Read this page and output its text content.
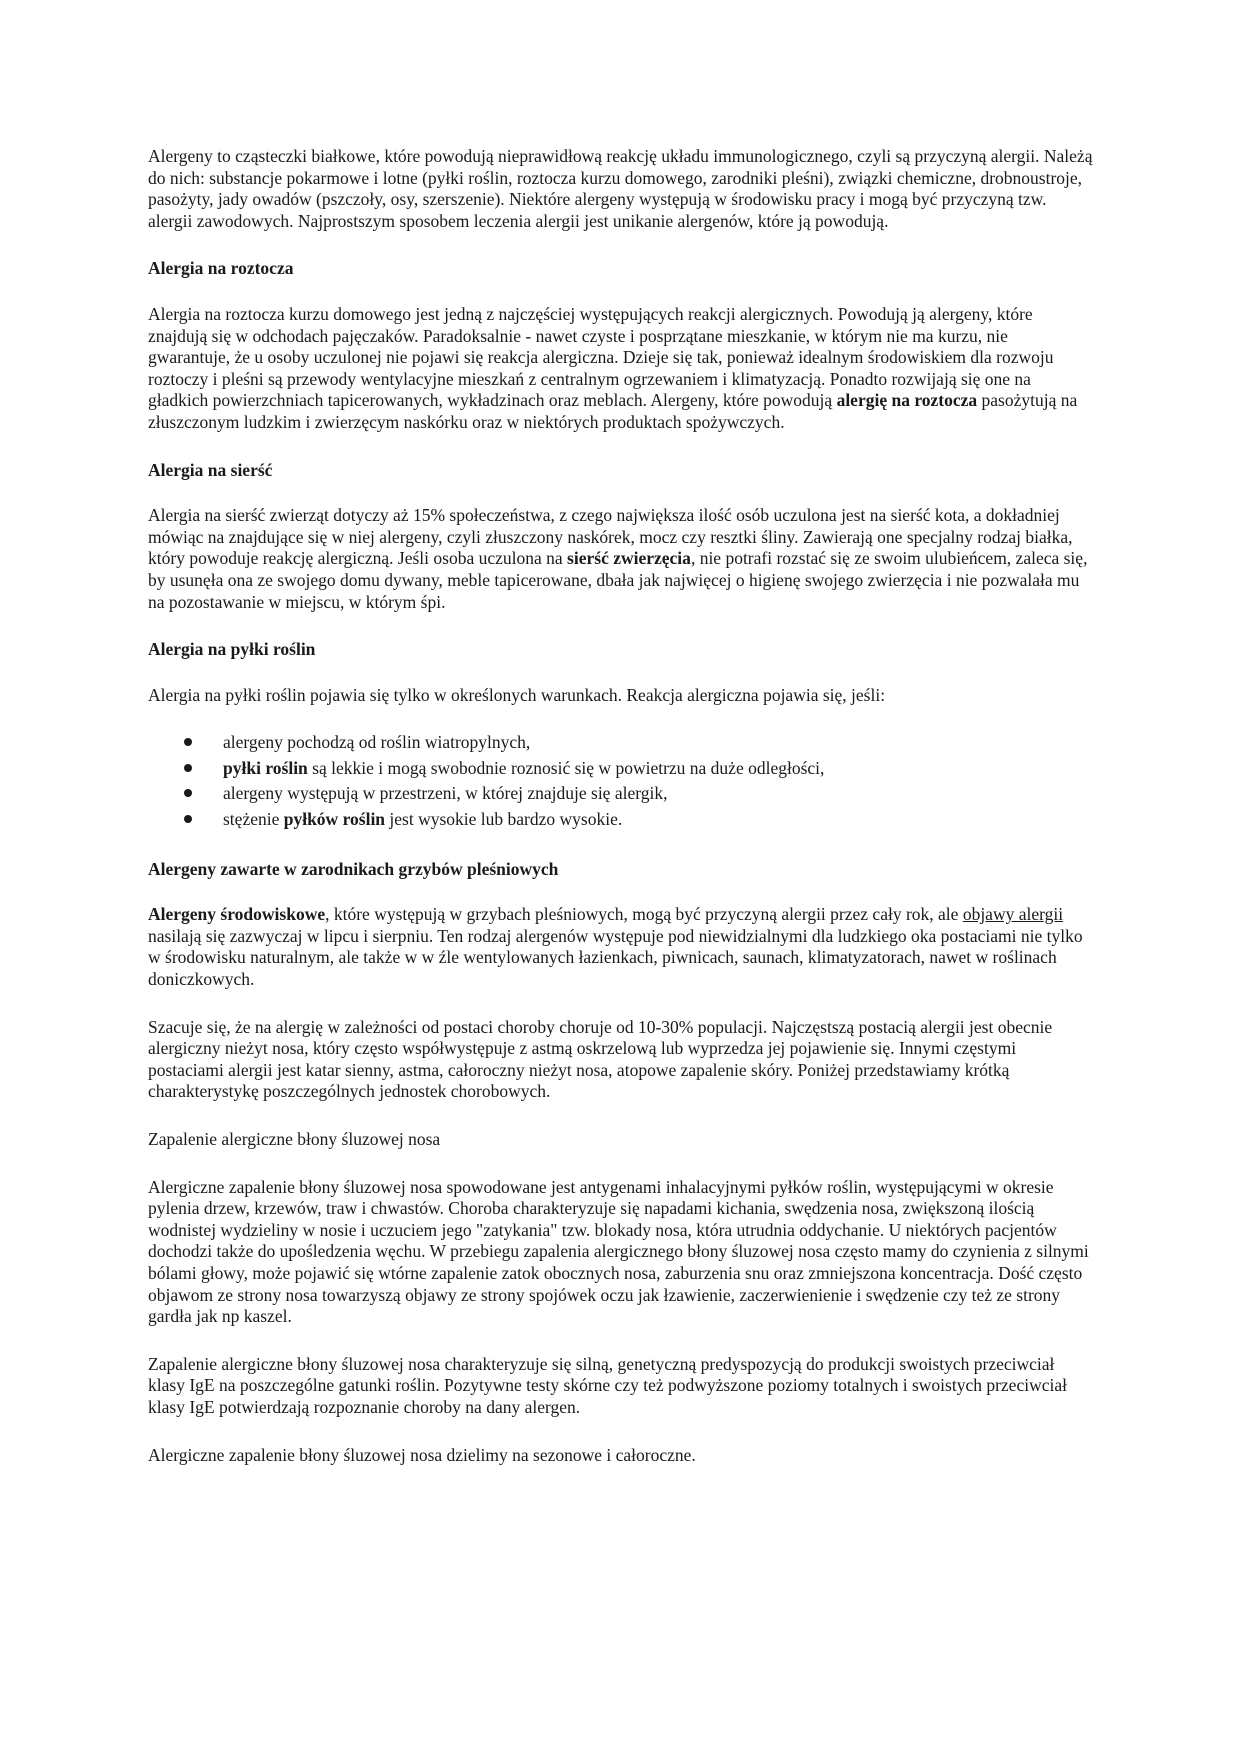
Alergeny to cząsteczki białkowe, które powodują nieprawidłową reakcję układu immunologicznego, czyli są przyczyną alergii. Należą do nich: substancje pokarmowe i lotne (pyłki roślin, roztocza kurzu domowego, zarodniki pleśni), związki chemiczne, drobnoustroje, pasożyty, jady owadów (pszczoły, osy, szerszenie). Niektóre alergeny występują w środowisku pracy i mogą być przyczyną tzw. alergii zawodowych. Najprostszym sposobem leczenia alergii jest unikanie alergenów, które ją powodują.

Alergia na roztocza

Alergia na roztocza kurzu domowego jest jedną z najczęściej występujących reakcji alergicznych. Powodują ją alergeny, które znajdują się w odchodach pajęczaków. Paradoksalnie - nawet czyste i posprzątane mieszkanie, w którym nie ma kurzu, nie gwarantuje, że u osoby uczulonej nie pojawi się reakcja alergiczna. Dzieje się tak, ponieważ idealnym środowiskiem dla rozwoju roztoczy i pleśni są przewody wentylacyjne mieszkań z centralnym ogrzewaniem i klimatyzacją. Ponadto rozwijają się one na gładkich powierzchniach tapicerowanych, wykładzinach oraz meblach. Alergeny, które powodują alergię na roztocza pasożytują na złuszczonym ludzkim i zwierzęcym naskórku oraz w niektórych produktach spożywczych.

Alergia na sierść

Alergia na sierść zwierząt dotyczy aż 15% społeczeństwa, z czego największa ilość osób uczulona jest na sierść kota, a dokładniej mówiąc na znajdujące się w niej alergeny, czyli złuszczony naskórek, mocz czy resztki śliny. Zawierają one specjalny rodzaj białka, który powoduje reakcję alergiczną. Jeśli osoba uczulona na sierść zwierzęcia, nie potrafi rozstać się ze swoim ulubieńcem, zaleca się, by usunęła ona ze swojego domu dywany, meble tapicerowane, dbała jak najwięcej o higienę swojego zwierzęcia i nie pozwalała mu na pozostawanie w miejscu, w którym śpi.

Alergia na pyłki roślin

Alergia na pyłki roślin pojawia się tylko w określonych warunkach. Reakcja alergiczna pojawia się, jeśli:

alergeny pochodzą od roślin wiatropylnych,
pyłki roślin są lekkie i mogą swobodnie roznosić się w powietrzu na duże odległości,
alergeny występują w przestrzeni, w której znajduje się alergik,
stężenie pyłków roślin jest wysokie lub bardzo wysokie.

Alergeny zawarte w zarodnikach grzybów pleśniowych

Alergeny środowiskowe, które występują w grzybach pleśniowych, mogą być przyczyną alergii przez cały rok, ale objawy alergii nasilają się zazwyczaj w lipcu i sierpniu. Ten rodzaj alergenów występuje pod niewidzialnymi dla ludzkiego oka postaciami nie tylko w środowisku naturalnym, ale także w w źle wentylowanych łazienkach, piwnicach, saunach, klimatyzatorach, nawet w roślinach doniczkowych.

Szacuje się, że na alergię w zależności od postaci choroby choruje od 10-30% populacji. Najczęstszą postacią alergii jest obecnie alergiczny nieżyt nosa, który często współwystępuje z astmą oskrzelową lub wyprzedza jej pojawienie się. Innymi częstymi postaciami alergii jest katar sienny, astma, całoroczny nieżyt nosa, atopowe zapalenie skóry. Poniżej przedstawiamy krótką charakterystykę poszczególnych jednostek chorobowych.

Zapalenie alergiczne błony śluzowej nosa

Alergiczne zapalenie błony śluzowej nosa spowodowane jest antygenami inhalacyjnymi pyłków roślin, występującymi w okresie pylenia drzew, krzewów, traw i chwastów. Choroba charakteryzuje się napadami kichania, swędzenia nosa, zwiększoną ilością wodnistej wydzieliny w nosie i uczuciem jego "zatykania" tzw. blokady nosa, która utrudnia oddychanie. U niektórych pacjentów dochodzi także do upośledzenia węchu. W przebiegu zapalenia alergicznego błony śluzowej nosa często mamy do czynienia z silnymi bólami głowy, może pojawić się wtórne zapalenie zatok obocznych nosa, zaburzenia snu oraz zmniejszona koncentracja. Dość często objawom ze strony nosa towarzyszą objawy ze strony spojówek oczu jak łzawienie, zaczerwienienie i swędzenie czy też ze strony gardła jak np kaszel.

Zapalenie alergiczne błony śluzowej nosa charakteryzuje się silną, genetyczną predyspozycją do produkcji swoistych przeciwciał klasy IgE na poszczególne gatunki roślin. Pozytywne testy skórne czy też podwyższone poziomy totalnych i swoistych przeciwciał klasy IgE potwierdzają rozpoznanie choroby na dany alergen.

Alergiczne zapalenie błony śluzowej nosa dzielimy na sezonowe i całoroczne.
